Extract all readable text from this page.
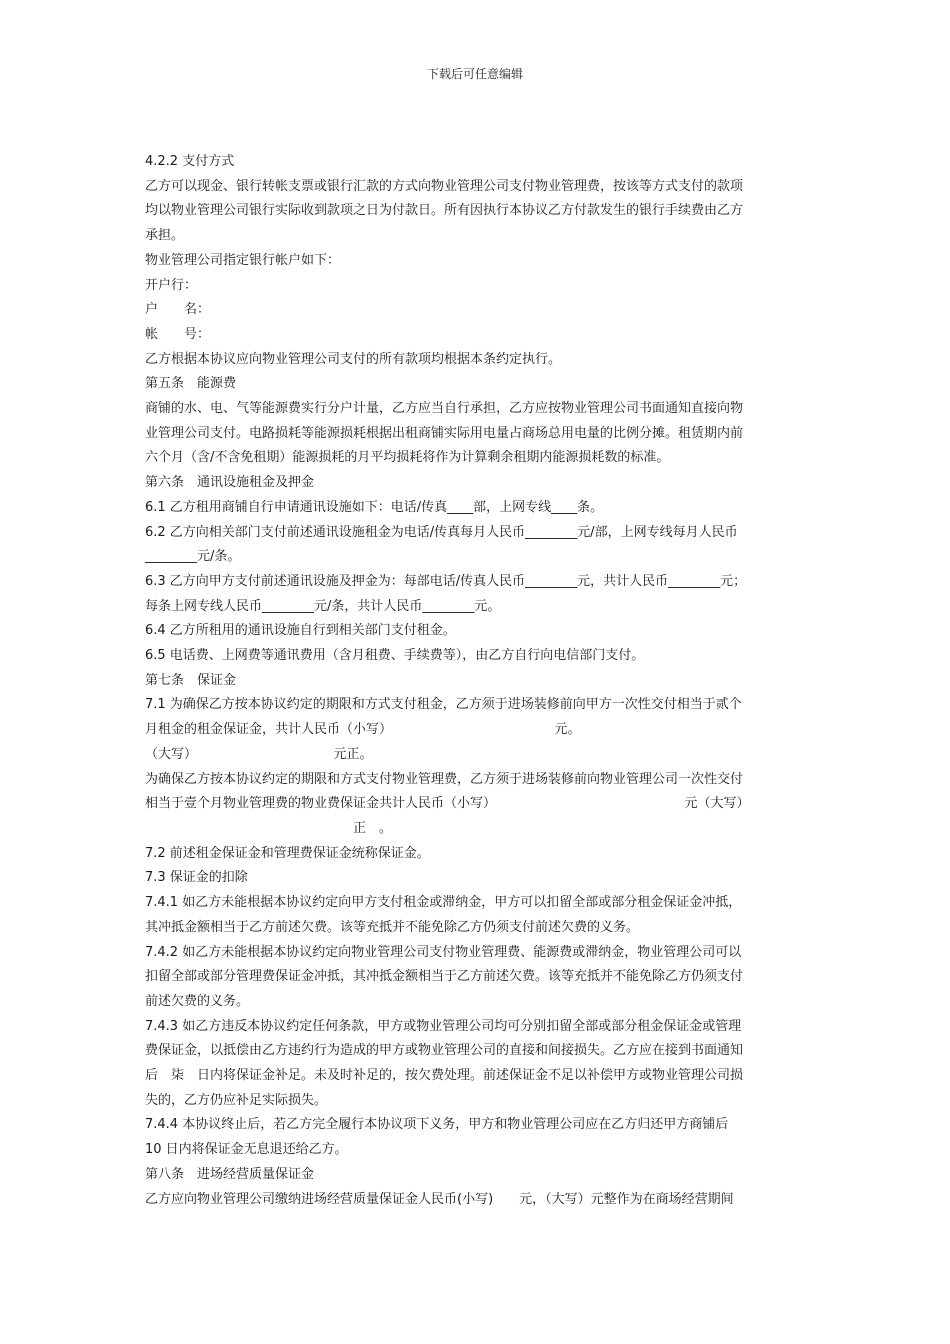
下载后可任意编辑

4.2.2 支付方式

乙方可以现金、银行转帐支票或银行汇款的方式向物业管理公司支付物业管理费，按该等方式支付的款项

均以物业管理公司银行实际收到款项之日为付款日。所有因执行本协议乙方付款发生的银行手续费由乙方

承担。

物业管理公司指定银行帐户如下：

开户行：

户　　名：

帐　　号：

乙方根据本协议应向物业管理公司支付的所有款项均根据本条约定执行。

第五条　能源费

商铺的水、电、气等能源费实行分户计量，乙方应当自行承担，乙方应按物业管理公司书面通知直接向物

业管理公司支付。电路损耗等能源损耗根据出租商铺实际用电量占商场总用电量的比例分摊。租赁期内前

六个月（含/不含免租期）能源损耗的月平均损耗将作为计算剩余租期内能源损耗数的标准。

第六条　通讯设施租金及押金

6.1 乙方租用商铺自行申请通讯设施如下：电话/传真____部，上网专线____条。

6.2 乙方向相关部门支付前述通讯设施租金为电话/传真每月人民币________元/部，上网专线每月人民币

________元/条。

6.3 乙方向甲方支付前述通讯设施及押金为：每部电话/传真人民币________元，共计人民币________元；

每条上网专线人民币________元/条，共计人民币________元。

6.4 乙方所租用的通讯设施自行到相关部门支付租金。

6.5 电话费、上网费等通讯费用（含月租费、手续费等），由乙方自行向电信部门支付。

第七条　保证金

7.1 为确保乙方按本协议约定的期限和方式支付租金，乙方须于进场装修前向甲方一次性交付相当于贰个

月租金的租金保证金，共计人民币（小写）　　　　　　　　　　　　　元。

（大写）　　　　　　　　　　　元正。

为确保乙方按本协议约定的期限和方式支付物业管理费，乙方须于进场装修前向物业管理公司一次性交付

相当于壹个月物业管理费的物业费保证金共计人民币（小写）　　　　　　　　　　　　　　　元（大写）

　　　　　　　　　　　　　　　　正　。

7.2 前述租金保证金和管理费保证金统称保证金。

7.3 保证金的扣除

7.4.1 如乙方未能根据本协议约定向甲方支付租金或滞纳金，甲方可以扣留全部或部分租金保证金冲抵，

其冲抵金额相当于乙方前述欠费。该等充抵并不能免除乙方仍须支付前述欠费的义务。

7.4.2 如乙方未能根据本协议约定向物业管理公司支付物业管理费、能源费或滞纳金，物业管理公司可以

扣留全部或部分管理费保证金冲抵，其冲抵金额相当于乙方前述欠费。该等充抵并不能免除乙方仍须支付

前述欠费的义务。

7.4.3 如乙方违反本协议约定任何条款，甲方或物业管理公司均可分别扣留全部或部分租金保证金或管理

费保证金，以抵偿由乙方违约行为造成的甲方或物业管理公司的直接和间接损失。乙方应在接到书面通知

后　柒　日内将保证金补足。未及时补足的，按欠费处理。前述保证金不足以补偿甲方或物业管理公司损

失的，乙方仍应补足实际损失。

7.4.4 本协议终止后，若乙方完全履行本协议项下义务，甲方和物业管理公司应在乙方归还甲方商铺后

10 日内将保证金无息退还给乙方。

第八条　进场经营质量保证金

乙方应向物业管理公司缴纳进场经营质量保证金人民币(小写)　　元，（大写）元整作为在商场经营期间
